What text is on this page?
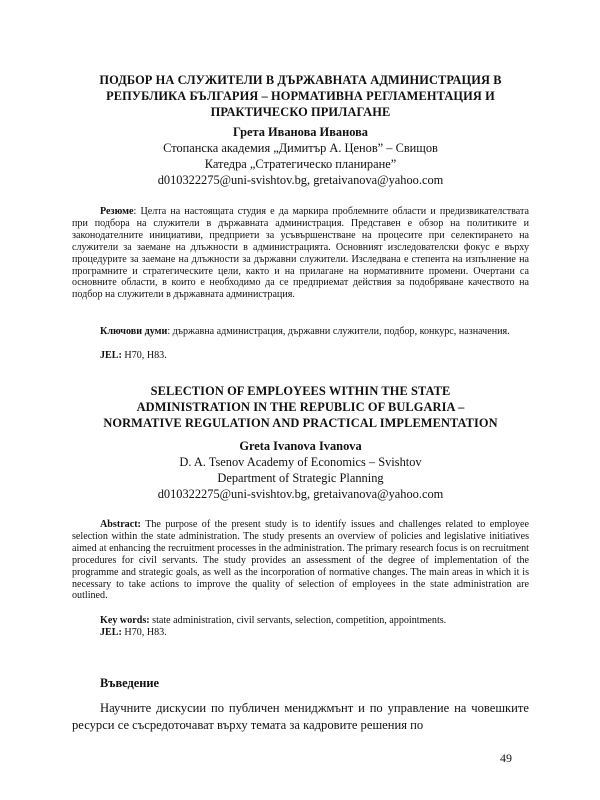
ПОДБОР НА СЛУЖИТЕЛИ В ДЪРЖАВНАТА АДМИНИСТРАЦИЯ В
РЕПУБЛИКА БЪЛГАРИЯ – НОРМАТИВНА РЕГЛАМЕНТАЦИЯ И
ПРАКТИЧЕСКО ПРИЛАГАНЕ
Грета Иванова Иванова
Стопанска академия „Димитър А. Ценов” – Свищов
Катедра „Стратегическо планиране”
d010322275@uni-svishtov.bg, gretaivanova@yahoo.com
Резюме: Целта на настоящата студия е да маркира проблемните области и предизвикателствата при подбора на служители в държавната администрация. Представен е обзор на политиките и законодателните инициативи, предприети за усъвършенстване на процесите при селектирането на служители за заемане на длъжности в администрацията. Основният изследователски фокус е върху процедурите за заемане на длъжности за държавни служители. Изследвана е степента на изпълнение на програмните и стратегическите цели, както и на прилагане на нормативните промени. Очертани са основните области, в които е необходимо да се предприемат действия за подобряване качеството на подбор на служители в държавната администрация.
Ключови думи: държавна администрация, държавни служители, подбор, конкурс, назначения.
JEL: H70, H83.
SELECTION OF EMPLOYEES WITHIN THE STATE
ADMINISTRATION IN THE REPUBLIC OF BULGARIA –
NORMATIVE REGULATION AND PRACTICAL IMPLEMENTATION
Greta Ivanova Ivanova
D. A. Tsenov Academy of Economics – Svishtov
Department of Strategic Planning
d010322275@uni-svishtov.bg, gretaivanova@yahoo.com
Abstract: The purpose of the present study is to identify issues and challenges related to employee selection within the state administration. The study presents an overview of policies and legislative initiatives aimed at enhancing the recruitment processes in the administration. The primary research focus is on recruitment procedures for civil servants. The study provides an assessment of the degree of implementation of the programme and strategic goals, as well as the incorporation of normative changes. The main areas in which it is necessary to take actions to improve the quality of selection of employees in the state administration are outlined.
Key words: state administration, civil servants, selection, competition, appointments.
JEL: H70, H83.
Въведение
Научните дискусии по публичен мениджмънт и по управление на човешките ресурси се съсредоточават върху темата за кадровите решения по
49
